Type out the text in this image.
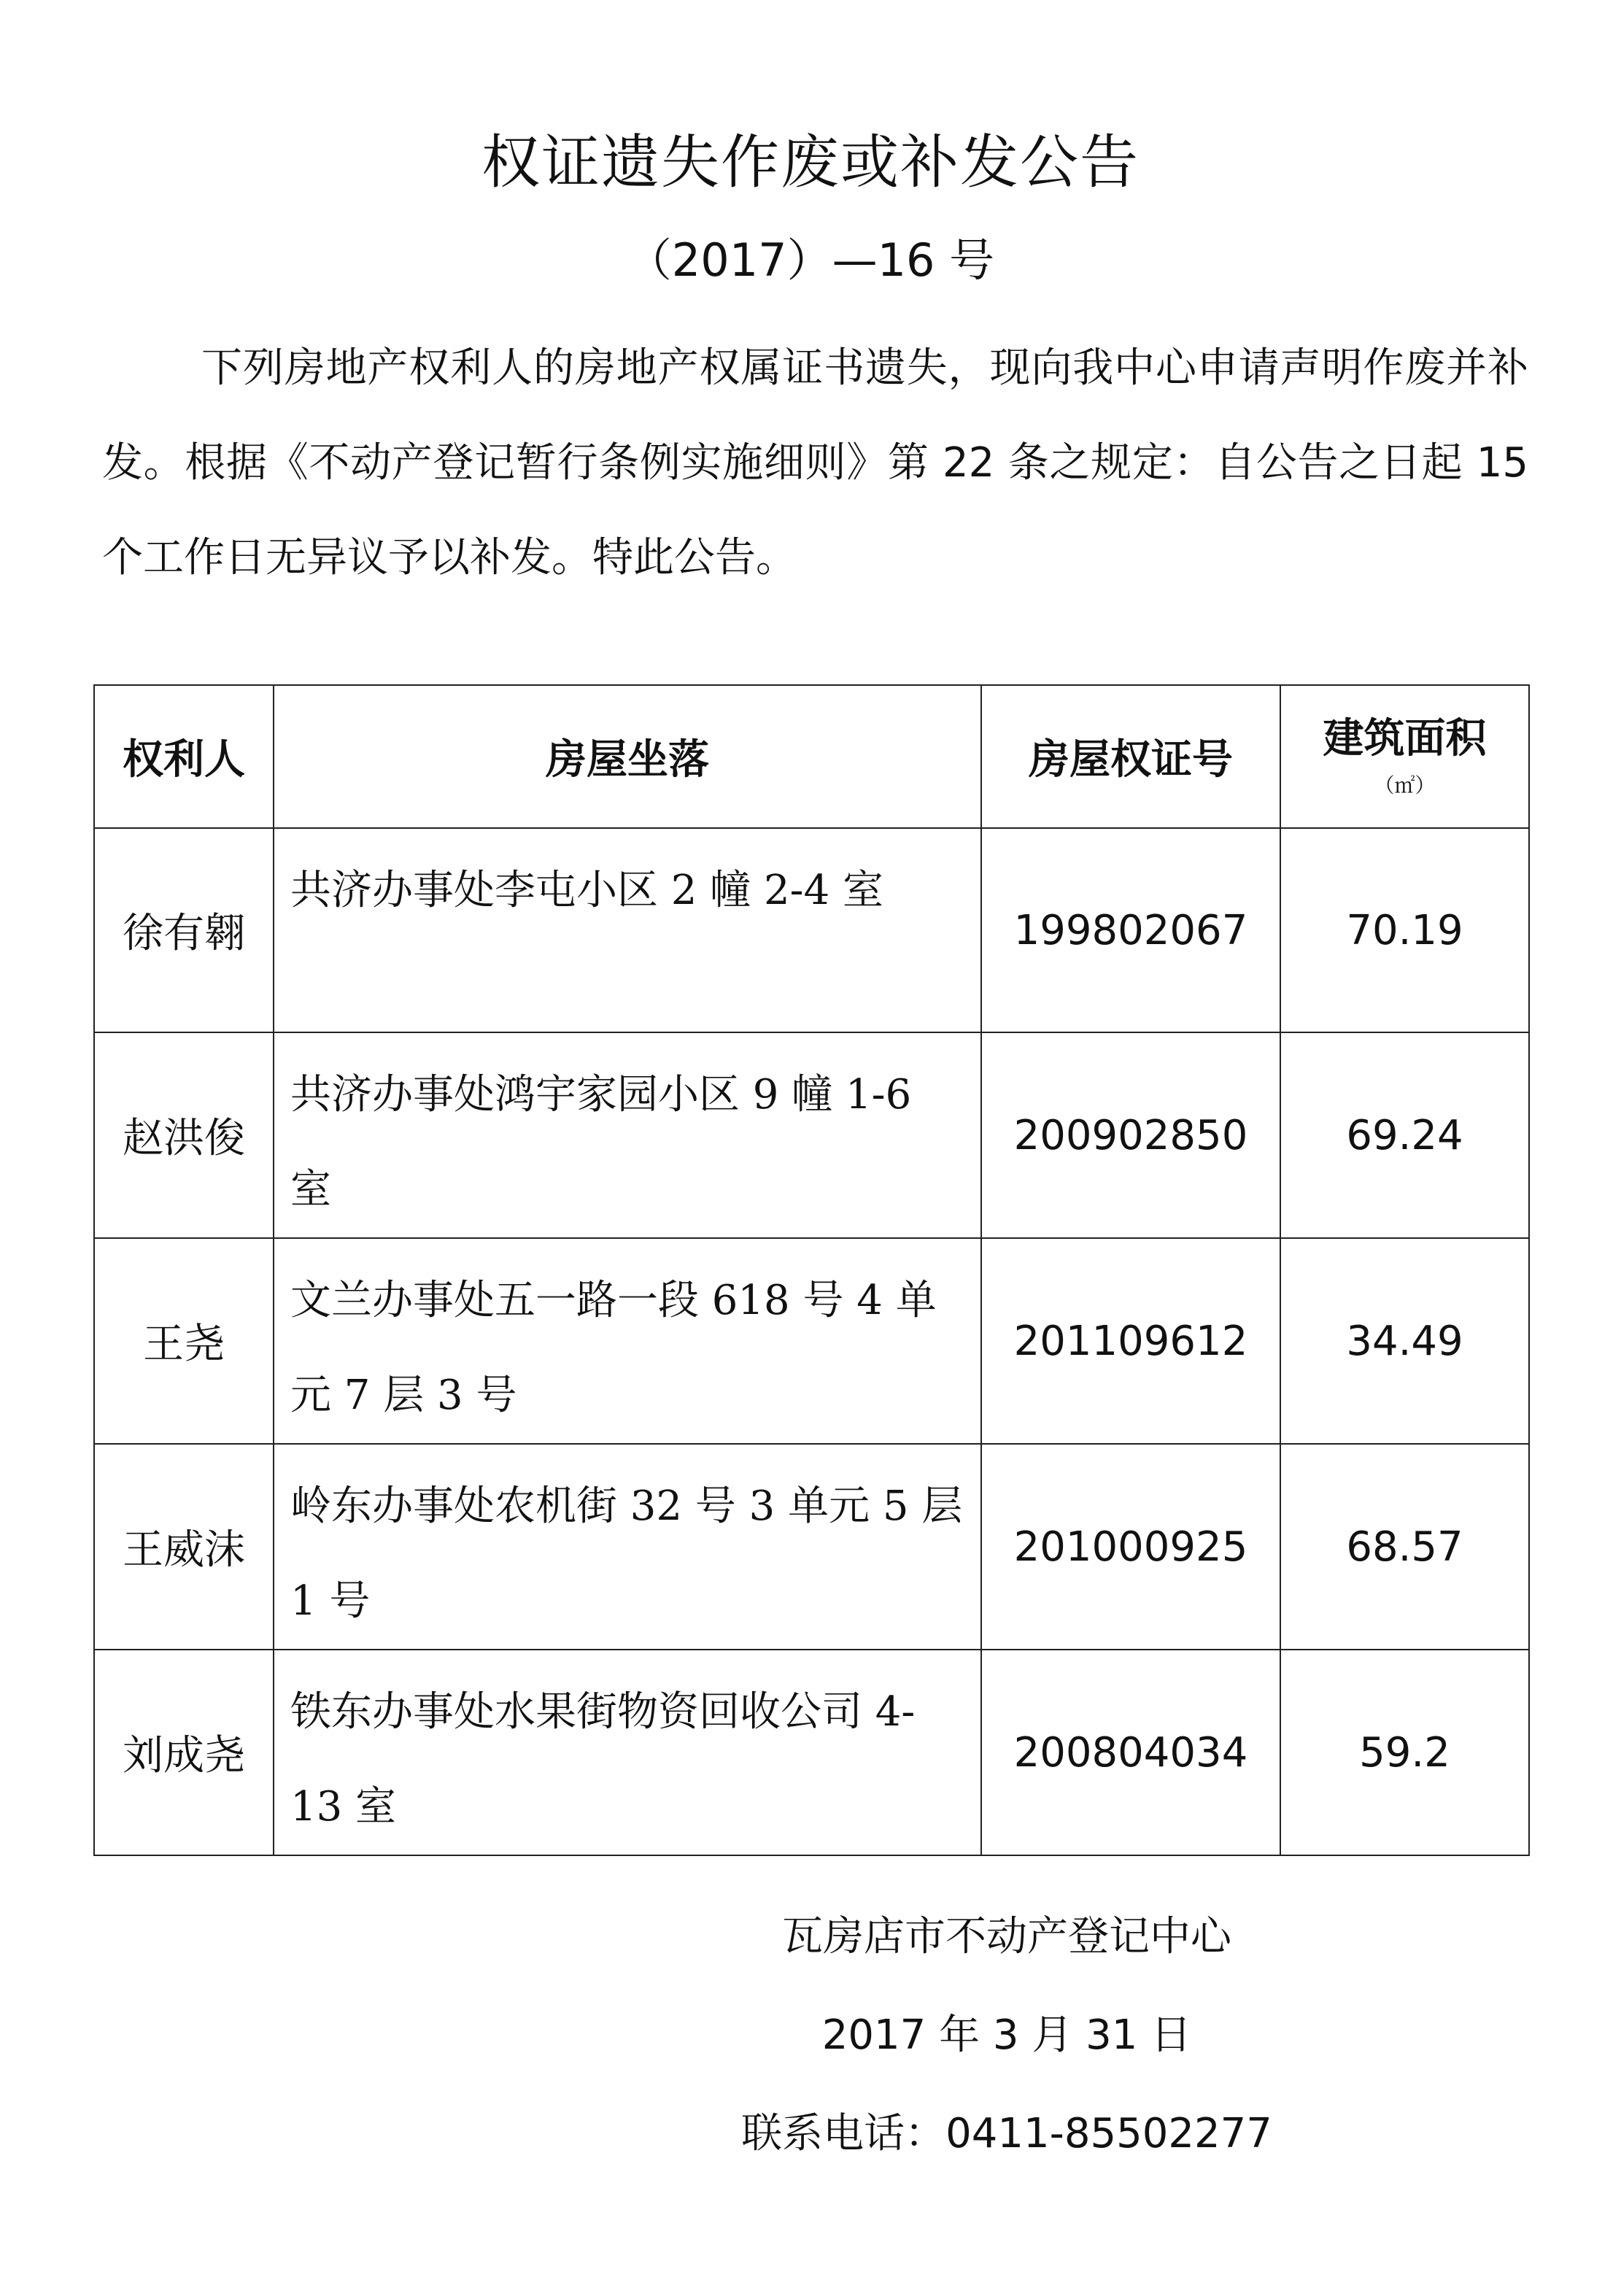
权证遗失作废或补发公告
（2017）—16 号

下列房地产权利人的房地产权属证书遗失，现向我中心申请声明作废并补发。根据《不动产登记暂行条例实施细则》第 22 条之规定：自公告之日起 15 个工作日无异议予以补发。特此公告。

权利人	房屋坐落	房屋权证号	建筑面积
（㎡）

徐有翱	共济办事处李屯小区 2 幢 2-4 室	199802067	70.19
赵洪俊	共济办事处鸿宇家园小区 9 幢 1-6 室	200902850	69.24
王尧	文兰办事处五一路一段 618 号 4 单元 7 层 3 号	201109612	34.49
王威沫	岭东办事处农机街 32 号 3 单元 5 层 1 号	201000925	68.57
刘成尧	铁东办事处水果街物资回收公司 4-13 室	200804034	59.2
瓦房店市不动产登记中心
2017 年 3 月 31 日
联系电话：0411-85502277
